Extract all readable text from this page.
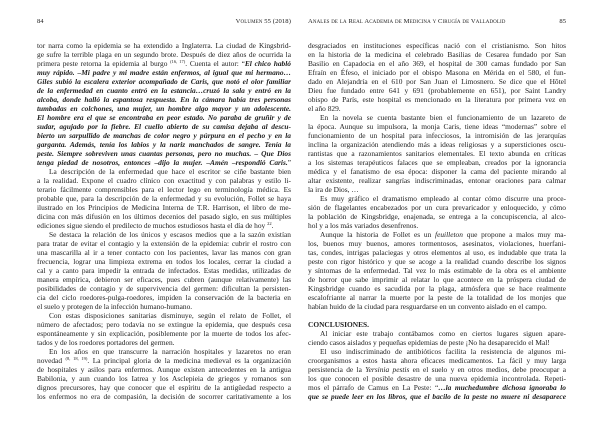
84	Volumen 55 (2018)
tor narra como la epidemia se ha extendido a Inglaterra. La ciudad de Kingsbrid-
ge sufre la terrible plaga en un segundo brote. Después de diez años de ocurrida la
primera peste retorna la epidemia al burgo $^{(16, 17)}$. Cuenta el autor: “El chico habló
muy rápido. –Mi padre y mi madre están enfermos, al igual que mi hermano…
Giles subió la escalera exterior acompañado de Caris, que notó el olor familiar
de la enfermedad en cuanto entró en la estancia…cruzó la sala y entró en la
alcoba, donde halló la espantosa respuesta. En la cámara había tres personas
tumbadas en colchones, una mujer, un hombre algo mayor y un adolescente.
El hombre era el que se encontraba en peor estado. No paraba de gruñir y de
sudar, agujado por la fiebre. El cuello abierto de su camisa dejaba al descu-
bierto un sarpullido de manchas de color negro y púrpura en el pecho y en la
garganta. Además, tenía los labios y la nariz manchados de sangre. Tenía la
peste. Siempre sobreviven unas cuantas personas, pero no muchas. – Que Dios
tenga piedad de nosotros, entonces –dijo la mujer. –Amén –respondió Caris.”
La descripción de la enfermedad que hace el escritor se ciñe bastante bien
a la realidad. Expone el cuadro clínico con exactitud y con palabras y estilo li-
terario fácilmente comprensibles para el lector lego en terminología médica. Es
probable que, para la descripción de la enfermedad y su evolución, Follet se haya
ilustrado en los Principios de Medicina Interna de T.R. Harrison, el libro de me-
dicina con más difusión en los últimos decenios del pasado siglo, en sus múltiples
ediciones sigue siendo el predilecto de muchos estudiosos hasta el día de hoy $^{22}$.
Se destaca la relación de los únicos y escasos medios que a la sazón existían
para tratar de evitar el contagio y la extensión de la epidemia: cubrir el rostro con
una mascarilla al ir a tener contacto con los pacientes, lavar las manos con gran
frecuencia, lograr una limpieza extrema en todos los locales, cerrar la ciudad a
cal y a canto para impedir la entrada de infectados. Estas medidas, utilizadas de
manera empírica, debieron ser eficaces, pues cubren (aunque relativamente) las
posibilidades de contagio y de supervivencia del germen: dificultan la persisten-
cia del ciclo roedores-pulga-roedores, impiden la conservación de la bacteria en
el suelo y protegen de la infección humano-humano.
Con estas disposiciones sanitarias disminuye, según el relato de Follet, el
número de afectados; pero todavía no se extingue la epidemia, que después cesa
espontáneamente y sin explicación, posiblemente por la muerte de todos los afec-
tados y de los roedores portadores del germen.
En los años en que transcurre la narración hospitales y lazaretos no eran
novedad $^{(8, 18, 19)}$. La principal gloria de la medicina medieval es la organización
de hospitales y asilos para enfermos. Aunque existen antecedentes en la antigua
Babilonia, y aun cuando los Iatrea y los Asclepieia de griegos y romanos son
dignos precursores, hay que conocer que el espíritu de la antigüedad respecto a
los enfermos no era de compasión, la decisión de socorrer caritativamente a los
Anales de la Real Academia de Medicina y Cirugía de Valladolid	85
desgraciados en instituciones específicas nació con el cristianismo. Son hitos
en la historia de la medicina el celebrado Basilias de Cesarea fundado por San
Basilio en Capadocia en el año 369, el hospital de 300 camas fundado por San
Efraín en Éfeso, el iniciado por el obispo Masona en Mérida en el 580, el fun-
dado en Alejandría en el 610 por San Juan el Limosnero. Se dice que el Hôtel
Dieu fue fundado entre 641 y 691 (probablemente en 651), por Saint Landry
obispo de París, este hospital es mencionado en la literatura por primera vez en
el año 829.
En la novela se cuenta bastante bien el funcionamiento de un lazareto de
la época. Aunque su impulsora, la monja Caris, tiene ideas “modernas” sobre el
funcionamiento de un hospital para infecciosos, la intromisión de las jerarquías
inclina la organización atendiendo más a ideas religiosas y a supersticiones oscu-
rantistas que a razonamientos sanitarios elementales. El texto abunda en críticas
a los sistemas terapéuticos falaces que se empleaban, creados por la ignorancia
médica y el fanatismo de esa época: disponer la cama del paciente mirando al
altar existente, realizar sangrías indiscriminadas, entonar oraciones para calmar
la ira de Dios, …
Es muy gráfico el dramatismo empleado al contar cómo discurre una proce-
sión de flagelantes encabezados por un cura prevaricador y enloquecido, y cómo
la población de Kingsbridge, enajenada, se entrega a la concupiscencia, al alco-
hol y a los más variados desenfrenos.
Aunque la historia de Follet es un feuilleton que propone a malos muy ma-
los, buenos muy buenos, amores tormentosos, asesinatos, violaciones, huerfani-
tas, condes, intrigas palaciegas y otros elementos al uso, es indudable que trata la
peste con rigor histórico y que se acoge a la realidad cuando describe los signos
y síntomas de la enfermedad. Tal vez lo más estimable de la obra es el ambiente
de horror que sabe imprimir al relatar lo que acontece en la próspera ciudad de
Kingsbridge cuando es sacudida por la plaga, atmósfera que se hace realmente
escalofriante al narrar la muerte por la peste de la totalidad de los monjes que
habían huido de la ciudad para resguardarse en un convento aislado en el campo.
CONCLUSIONES.
Al iniciar este trabajo contábamos como en ciertos lugares siguen apare-
ciendo casos aislados y pequeñas epidemias de peste ¡No ha desaparecido el Mal!
El uso indiscriminado de antibióticos facilita la resistencia de algunos mi-
croorganismos a estos hasta ahora eficaces medicamentos. La fácil y muy larga
persistencia de la Yersinia pestis en el suelo y en otros medios, debe preocupar a
los que conocen el posible desastre de una nueva epidemia incontrolada. Repeti-
mos el párrafo de Camus en La Peste: “…la muchedumbre dichosa ignoraba lo
que se puede leer en los libros, que el bacilo de la peste no muere ni desaparece
